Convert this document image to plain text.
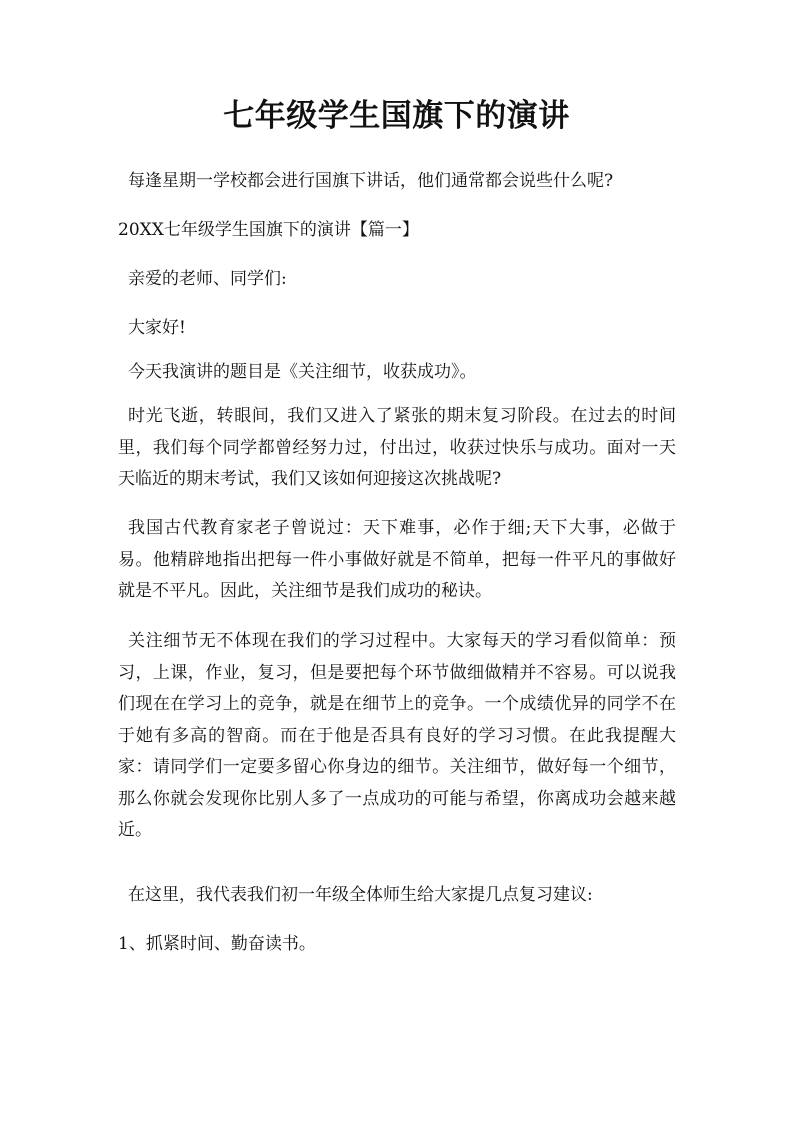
七年级学生国旗下的演讲

每逢星期一学校都会进行国旗下讲话，他们通常都会说些什么呢?

20XX七年级学生国旗下的演讲【篇一】

亲爱的老师、同学们:

大家好!

今天我演讲的题目是《关注细节，收获成功》。

时光飞逝，转眼间，我们又进入了紧张的期末复习阶段。在过去的时间里，我们每个同学都曾经努力过，付出过，收获过快乐与成功。面对一天天临近的期末考试，我们又该如何迎接这次挑战呢?

我国古代教育家老子曾说过：天下难事，必作于细;天下大事，必做于易。他精辟地指出把每一件小事做好就是不简单，把每一件平凡的事做好就是不平凡。因此，关注细节是我们成功的秘诀。

关注细节无不体现在我们的学习过程中。大家每天的学习看似简单：预习，上课，作业，复习，但是要把每个环节做细做精并不容易。可以说我们现在在学习上的竞争，就是在细节上的竞争。一个成绩优异的同学不在于她有多高的智商。而在于他是否具有良好的学习习惯。在此我提醒大家：请同学们一定要多留心你身边的细节。关注细节，做好每一个细节，那么你就会发现你比别人多了一点成功的可能与希望，你离成功会越来越近。

在这里，我代表我们初一年级全体师生给大家提几点复习建议:

1、抓紧时间、勤奋读书。
